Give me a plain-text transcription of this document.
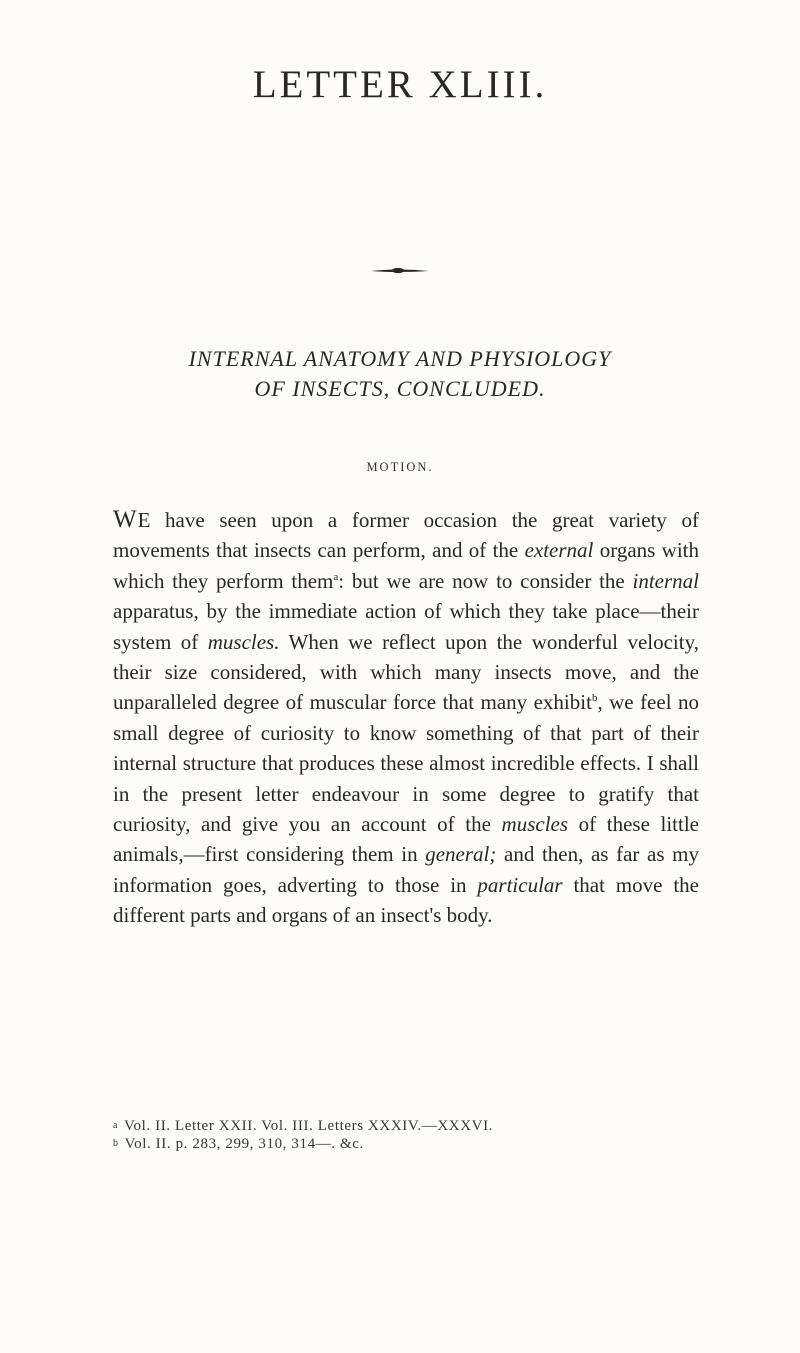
LETTER XLIII.
INTERNAL ANATOMY AND PHYSIOLOGY
OF INSECTS, CONCLUDED.
MOTION.
WE have seen upon a former occasion the great variety of movements that insects can perform, and of the external organs with which they perform them$^a$: but we are now to consider the internal apparatus, by the immediate action of which they take place—their system of muscles. When we reflect upon the wonderful velocity, their size considered, with which many insects move, and the unparalleled degree of muscular force that many exhibit$^b$, we feel no small degree of curiosity to know something of that part of their internal structure that produces these almost incredible effects. I shall in the present letter endeavour in some degree to gratify that curiosity, and give you an account of the muscles of these little animals,—first considering them in general; and then, as far as my information goes, adverting to those in particular that move the different parts and organs of an insect's body.
$^a$ Vol. II. Letter XXII. Vol. III. Letters XXXIV.—XXXVI.
$^b$ Vol. II. p. 283, 299, 310, 314—. &c.
